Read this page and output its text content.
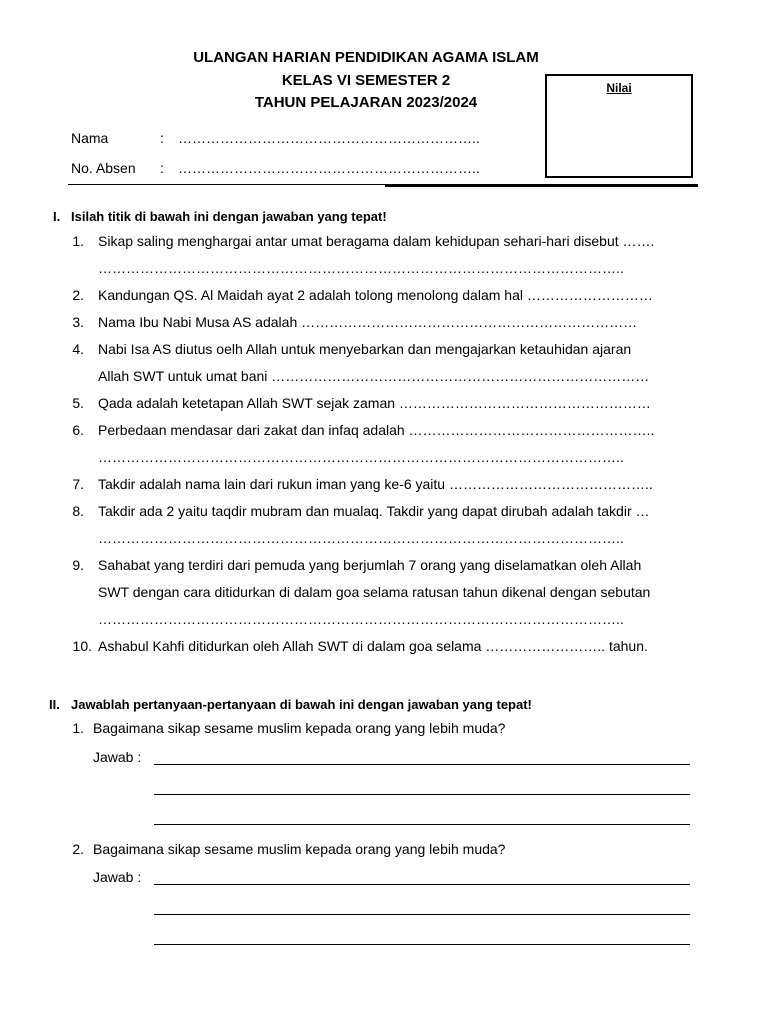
ULANGAN HARIAN PENDIDIKAN AGAMA ISLAM
KELAS VI SEMESTER 2
TAHUN PELAJARAN 2023/2024
Nilai
Nama	: ………………………………………………………..
No. Absen : ………………………………………………………..
I. Isilah titik di bawah ini dengan jawaban yang tepat!
1. Sikap saling menghargai antar umat beragama dalam kehidupan sehari-hari disebut …….
…………………………………………………………………………………………………..
2. Kandungan QS. Al Maidah ayat 2 adalah tolong menolong dalam hal ………………………
3. Nama Ibu Nabi Musa AS adalah ………………………………………………………………
4. Nabi Isa AS diutus oelh Allah untuk menyebarkan dan mengajarkan ketauhidan ajaran
Allah SWT untuk umat bani ………………………………………………………………………
5. Qada adalah ketetapan Allah SWT sejak zaman ………………………………………………
6. Perbedaan mendasar dari zakat dan infaq adalah ……………………………………………..
…………………………………………………………………………………………………..
7. Takdir adalah nama lain dari rukun iman yang ke-6 yaitu ……………………………………..
8. Takdir ada 2 yaitu taqdir mubram dan mualaq. Takdir yang dapat dirubah adalah takdir …
…………………………………………………………………………………………………..
9. Sahabat yang terdiri dari pemuda yang berjumlah 7 orang yang diselamatkan oleh Allah
SWT dengan cara ditidurkan di dalam goa selama ratusan tahun dikenal dengan sebutan
…………………………………………………………………………………………………..
10. Ashabul Kahfi ditidurkan oleh Allah SWT di dalam goa selama …………………….. tahun.
II. Jawablah pertanyaan-pertanyaan di bawah ini dengan jawaban yang tepat!
1. Bagaimana sikap sesame muslim kepada orang yang lebih muda?
Jawab :
2. Bagaimana sikap sesame muslim kepada orang yang lebih muda?
Jawab :
